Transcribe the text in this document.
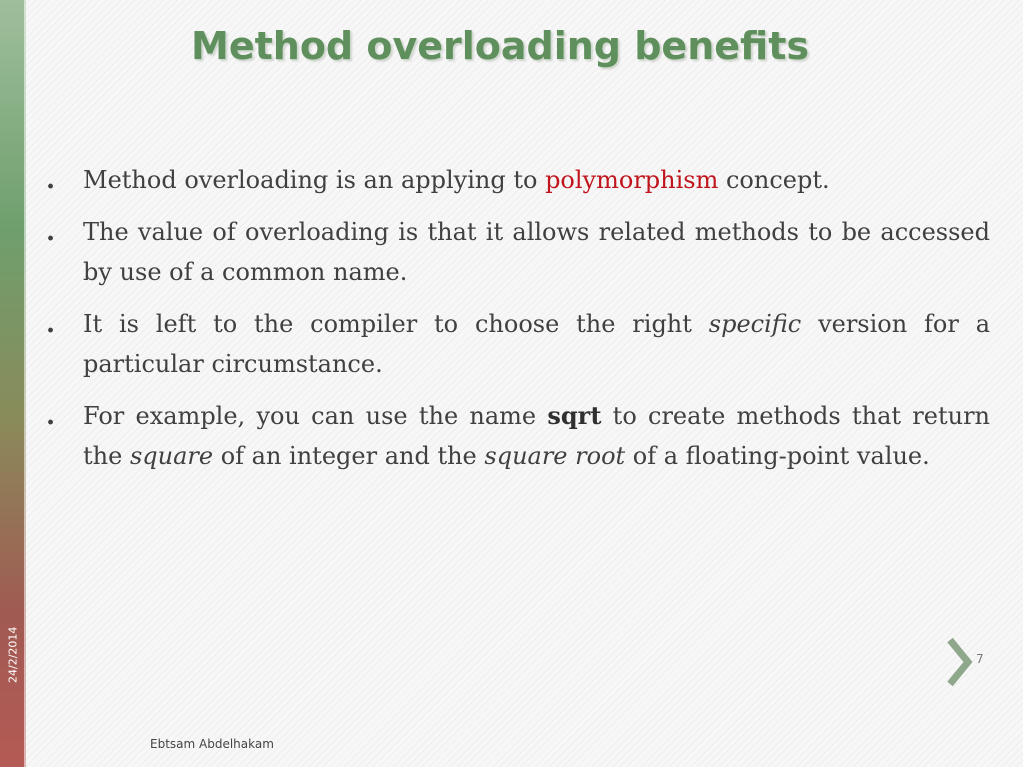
24/2/2014
Method overloading benefits
. Method overloading is an applying to polymorphism concept.
. The value of overloading is that it allows related methods to be accessed by use of a common name.
. It is left to the compiler to choose the right specific version for a particular circumstance.
. For example, you can use the name sqrt to create methods that return the square of an integer and the square root of a floating-point value.
7
Ebtsam Abdelhakam
